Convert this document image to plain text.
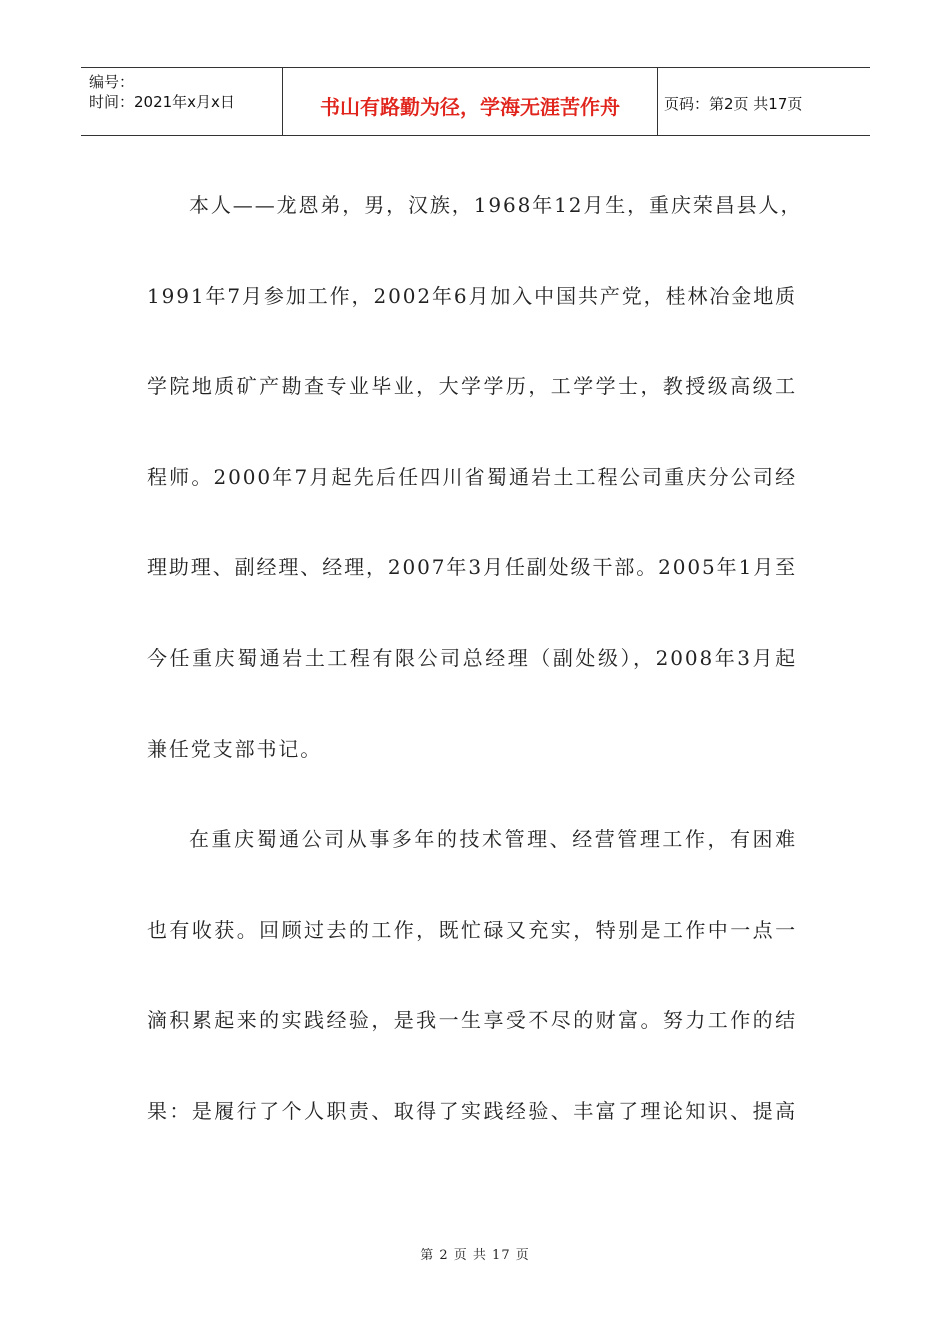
编号：
时间：2021年x月x日	书山有路勤为径，学海无涯苦作舟	页码：第2页 共17页

本人——龙恩弟，男，汉族，1968年12月生，重庆荣昌县人，
1991年7月参加工作，2002年6月加入中国共产党，桂林冶金地质
学院地质矿产勘查专业毕业，大学学历，工学学士，教授级高级工
程师。2000年7月起先后任四川省蜀通岩土工程公司重庆分公司经
理助理、副经理、经理，2007年3月任副处级干部。2005年1月至
今任重庆蜀通岩土工程有限公司总经理（副处级），2008年3月起
兼任党支部书记。

在重庆蜀通公司从事多年的技术管理、经营管理工作，有困难
也有收获。回顾过去的工作，既忙碌又充实，特别是工作中一点一
滴积累起来的实践经验，是我一生享受不尽的财富。努力工作的结
果：是履行了个人职责、取得了实践经验、丰富了理论知识、提高

第 2 页 共 17 页
